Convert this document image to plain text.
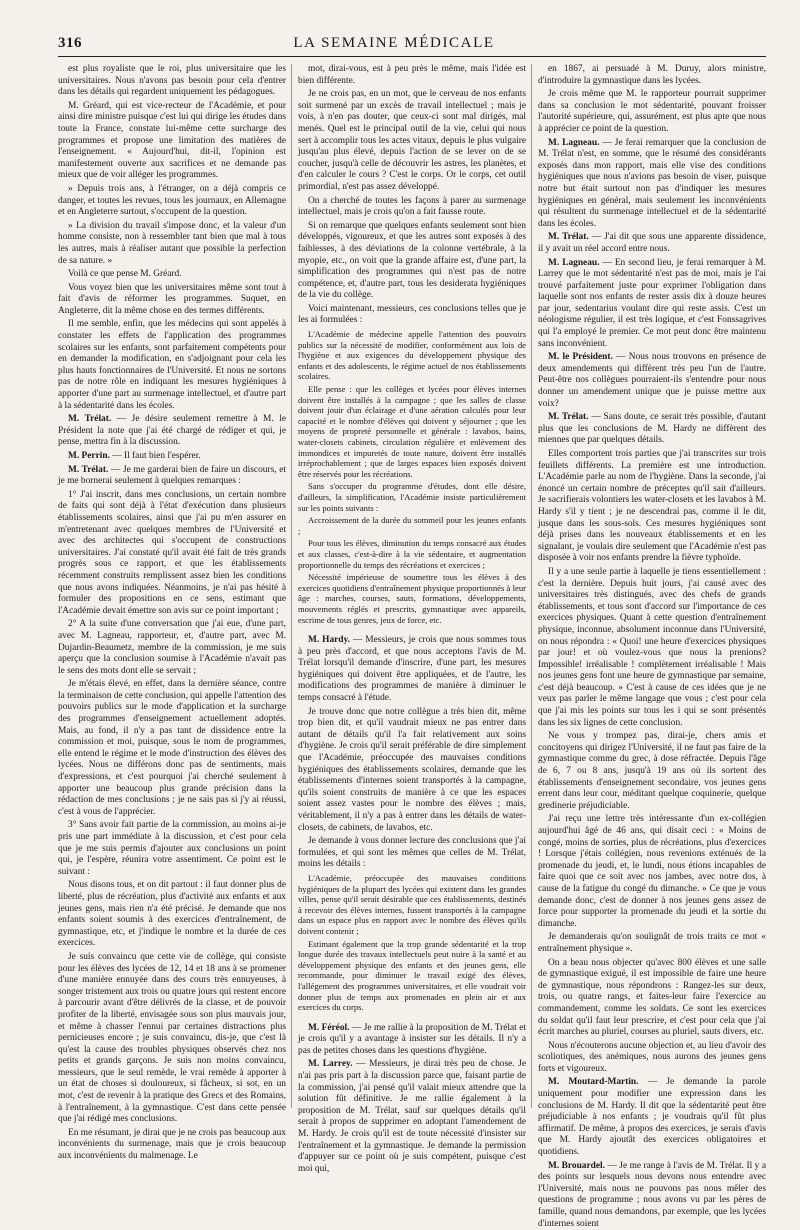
316	LA SEMAINE MÉDICALE

est plus royaliste que le roi, plus universitaire que les universitaires. Nous n'avons pas besoin pour cela d'entrer dans les détails qui regardent uniquement les pédagogues.

M. Gréard, qui est vice-recteur de l'Académie, et pour ainsi dire ministre puisque c'est lui qui dirige les études dans toute la France, constate lui-même cette surcharge des programmes et propose une limitation des matières de l'enseignement. « Aujourd'hui, dit-il, l'opinion est manifestement ouverte aux sacrifices et ne demande pas mieux que de voir alléger les programmes.

» Depuis trois ans, à l'étranger, on a déjà compris ce danger, et toutes les revues, tous les journaux, en Allemagne et en Angleterre surtout, s'occupent de la question.

» La division du travail s'impose donc, et la valeur d'un homme consiste, non à ressembler tant bien que mal à tous les autres, mais à réaliser autant que possible la perfection de sa nature. »

Voilà ce que pense M. Gréard.

Vous voyez bien que les universitaires même sont tout à fait d'avis de réformer les programmes. Suquet, en Angleterre, dit la même chose en des termes différents.

Il me semble, enfin, que les médecins qui sont appelés à constater les effets de l'application des programmes scolaires sur les enfants, sont parfaitement compétents pour en demander la modification, en s'adjoignant pour cela les plus hauts fonctionnaires de l'Université. Et nous ne sortons pas de notre rôle en indiquant les mesures hygiéniques à apporter d'une part au surmenage intellectuel, et d'autre part à la sédentarité dans les écoles.

M. Trélat. — Je désire seulement remettre à M. le Président la note que j'ai été chargé de rédiger et qui, je pense, mettra fin à la discussion.

M. Perrin. — Il faut bien l'espérer.

M. Trélat. — Je me garderai bien de faire un discours, et je me bornerai seulement à quelques remarques :

1° J'ai inscrit, dans mes conclusions, un certain nombre de faits qui sont déjà à l'état d'exécution dans plusieurs établissements scolaires, ainsi que j'ai pu m'en assurer en m'entretenant avec quelques membres de l'Université et avec des architectes qui s'occupent de constructions universitaires. J'ai constaté qu'il avait été fait de très grands progrès sous ce rapport, et que les établissements récemment construits remplissent assez bien les conditions que nous avons indiquées. Néanmoins, je n'ai pas hésité à formuler des propositions en ce sens, estimant que l'Académie devait émettre son avis sur ce point important ;

2° A la suite d'une conversation que j'ai eue, d'une part, avec M. Lagneau, rapporteur, et, d'autre part, avec M. Dujardin-Beaumetz, membre de la commission, je me suis aperçu que la conclusion soumise à l'Académie n'avait pas le sens des mots dont elle se servait ;

Je m'étais élevé, en effet, dans la dernière séance, contre la terminaison de cette conclusion, qui appelle l'attention des pouvoirs publics sur le mode d'application et la surcharge des programmes d'enseignement actuellement adoptés. Mais, au fond, il n'y a pas tant de dissidence entre la commission et moi, puisque, sous le nom de programmes, elle entend le régime et le mode d'instruction des élèves des lycées. Nous ne différons donc pas de sentiments, mais d'expressions, et c'est pourquoi j'ai cherché seulement à apporter une beaucoup plus grande précision dans la rédaction de mes conclusions ; je ne sais pas si j'y ai réussi, c'est à vous de l'apprécier.

3° Sans avoir fait partie de la commission, au moins ai-je pris une part immédiate à la discussion, et c'est pour cela que je me suis permis d'ajouter aux conclusions un point qui, je l'espère, réunira votre assentiment. Ce point est le suivant :

Nous disons tous, et on dit partout : il faut donner plus de liberté, plus de récréation, plus d'activité aux enfants et aux jeunes gens, mais rien n'a été précisé. Je demande que nos enfants soient soumis à des exercices d'entraînement, de gymnastique, etc, et j'indique le nombre et la durée de ces exercices.

Je suis convaincu que cette vie de collège, qui consiste pour les élèves des lycées de 12, 14 et 18 ans à se promener d'une manière ennuyée dans des cours très ennuyeuses, à songer tristement aux trois ou quatre jours qui restent encore à parcourir avant d'être délivrés de la classe, et de pouvoir profiter de la liberté, envisagée sous son plus mauvais jour, et même à chasser l'ennui par certaines distractions plus pernicieuses encore ; je suis convaincu, dis-je, que c'est là qu'est la cause des troubles physiques observés chez nos petits et grands garçons. Je suis non moins convaincu, messieurs, que le seul remède, le vrai remède à apporter à un état de choses si douloureux, si fâcheux, si sot, en un mot, c'est de revenir à la pratique des Grecs et des Romains, à l'entraînement, à la gymnastique. C'est dans cette pensée que j'ai rédigé mes conclusions.

En me résumant, je dirai que je ne crois pas beaucoup aux inconvénients du surmenage, mais que je crois beaucoup aux inconvénients du malmenage. Le

mot, dirai-vous, est à peu près le même, mais l'idée est bien différente.

Je ne crois pas, en un mot, que le cerveau de nos enfants soit surmené par un excès de travail intellectuel ; mais je vois, à n'en pas douter, que ceux-ci sont mal dirigés, mal menés. Quel est le principal outil de la vie, celui qui nous sert à accomplir tous les actes vitaux, depuis le plus vulgaire jusqu'au plus élevé, depuis l'action de se lever on de se coucher, jusqu'à celle de découvrir les astres, les planètes, et d'en calculer le cours ? C'est le corps. Or le corps, cet outil primordial, n'est pas assez développé.

On a cherché de toutes les façons à parer au surmenage intellectuel, mais je crois qu'on a fait fausse route.

Si on remarque que quelques enfants seulement sont bien développés, vigoureux, et que les autres sont exposés à des faiblesses, à des déviations de la colonne vertébrale, à la myopie, etc., on voit que la grande affaire est, d'une part, la simplification des programmes qui n'est pas de notre compétence, et, d'autre part, tous les desiderata hygiéniques de la vie du collège.

Voici maintenant, messieurs, ces conclusions telles que je les ai formulées :

L'Académie de médecine appelle l'attention des pouvoirs publics sur la nécessité de modifier, conformément aux lois de l'hygiène et aux exigences du développement physique des enfants et des adolescents, le régime actuel de nos établissements scolaires.

Elle pense : que les collèges et lycées pour élèves internes doivent être installés à la campagne ; que les salles de classe doivent jouir d'un éclairage et d'une aération calculés pour leur capacité et le nombre d'élèves qui doivent y séjourner ; que les moyens de propreté personnelle et générale : lavabos, bains, water-closets cabinets, circulation régulière et enlèvement des immondices et impuretés de toute nature, doivent être installés irréprochablement ; que de larges espaces bien exposés doivent être réservés pour les récréations.

Sans s'occuper du programme d'études, dont elle désire, d'ailleurs, la simplification, l'Académie insiste particulièrement sur les points suivants :

Accroissement de la durée du sommeil pour les jeunes enfants ;

Pour tous les élèves, diminution du temps consacré aux études et aux classes, c'est-à-dire à la vie sédentaire, et augmentation proportionnelle du temps des récréations et exercices ;

Nécessité impérieuse de soumettre tous les élèves à des exercices quotidiens d'entraînement physique proportionnés à leur âge : marches, courses, sauts, formations, développements, mouvements réglés et prescrits, gymnastique avec appareils, escrime de tous genres, jeux de force, etc.

M. Hardy. — Messieurs, je crois que nous sommes tous à peu près d'accord, et que nous acceptons l'avis de M. Trélat lorsqu'il demande d'inscrire, d'une part, les mesures hygiéniques qui doivent être appliquées, et de l'autre, les modifications des programmes de manière à diminuer le temps consacré à l'étude.

Je trouve donc que notre collègue a très bien dit, même trop bien dit, et qu'il vaudrait mieux ne pas entrer dans autant de détails qu'il l'a fait relativement aux soins d'hygiène. Je crois qu'il serait préférable de dire simplement que l'Académie, préoccupée des mauvaises conditions hygiéniques des établissements scolaires, demande que les établissements d'internes soient transportés à la campagne, qu'ils soient construits de manière à ce que les espaces soient assez vastes pour le nombre des élèves ; mais, véritablement, il n'y a pas à entrer dans les détails de water-closets, de cabinets, de lavabos, etc.

Je demande à vous donner lecture des conclusions que j'ai formulées, et qui sont les mêmes que celles de M. Trélat, moins les détails :

L'Académie, préoccupée des mauvaises conditions hygiéniques de la plupart des lycées qui existent dans les grandes villes, pense qu'il serait désirable que ces établissements, destinés à recevoir des élèves internes, fussent transportés à la campagne dans un espace plus en rapport avec le nombre des élèves qu'ils doivent contenir ;

Estimant également que la trop grande sédentarité et la trop longue durée des travaux intellectuels peut nuire à la santé et au développement physique des enfants et des jeunes gens, elle recommande, pour diminuer le travail exigé des élèves, l'allégement des programmes universitaires, et elle voudrait voir donner plus de temps aux promenades en plein air et aux exercices du corps.

M. Féréol. — Je me rallie à la proposition de M. Trélat et je crois qu'il y a avantage à insister sur les détails. Il n'y a pas de petites choses dans les questions d'hygiène.

M. Larrey. — Messieurs, je dirai très peu de chose. Je n'ai pas pris part à la discussion parce que, faisant partie de la commission, j'ai pensé qu'il valait mieux attendre que la solution fût définitive. Je me rallie également à la proposition de M. Trélat, sauf sur quelques détails qu'il serait à propos de supprimer en adoptant l'amendement de M. Hardy. Je crois qu'il est de toute nécessité d'insister sur l'entraînement et la gymnastique. Je demande la permission d'appuyer sur ce point où je suis compétent, puisque c'est moi qui,

en 1867, ai persuadé à M. Duruy, alors ministre, d'introduire la gymnastique dans les lycées.

Je crois même que M. le rapporteur pourrait supprimer dans sa conclusion le mot sédentarité, pouvant froisser l'autorité supérieure, qui, assurément, est plus apte que nous à apprécier ce point de la question.

M. Lagneau. — Je ferai remarquer que la conclusion de M. Trélat n'est, en somme, que le résumé des considérants exposés dans mon rapport, mais elle vise des conditions hygiéniques que nous n'avions pas besoin de viser, puisque notre but était surtout non pas d'indiquer les mesures hygiéniques en général, mais seulement les inconvénients qui résultent du surmenage intellectuel et de la sédentarité dans les écoles.

M. Trélat. — J'ai dit que sous une apparente dissidence, il y avait un réel accord entre nous.

M. Lagneau. — En second lieu, je ferai remarquer à M. Larrey que le mot sédentarité n'est pas de moi, mais je l'ai trouvé parfaitement juste pour exprimer l'obligation dans laquelle sont nos enfants de rester assis dix à douze heures par jour, sedentarius voulant dire qui reste assis. C'est un néologisme régulier, il est très logique, et c'est Fonssagrives qui l'a employé le premier. Ce mot peut donc être maintenu sans inconvénient.

M. le Président. — Nous nous trouvons en présence de deux amendements qui diffèrent très peu l'un de l'autre. Peut-être nos collègues pourraient-ils s'entendre pour nous donner un amendement unique que je puisse mettre aux voix?

M. Trélat. — Sans doute, ce serait très possible, d'autant plus que les conclusions de M. Hardy ne diffèrent des miennes que par quelques détails.

Elles comportent trois parties que j'ai transcrites sur trois feuillets différents. La première est une introduction. L'Académie parle au nom de l'hygiène. Dans la seconde, j'ai énoncé un certain nombre de préceptes qu'il sait d'ailleurs. Je sacrifierais volontiers les water-closets et les lavabos à M. Hardy s'il y tient ; je ne descendrai pas, comme il le dit, jusque dans les sous-sols. Ces mesures hygiéniques sont déjà prises dans les nouveaux établissements et en les signalant, je voulais dire seulement que l'Académie n'est pas disposée à voir nos enfants prendre la fièvre typhoïde.

Il y a une seule partie à laquelle je tiens essentiellement : c'est la dernière. Depuis huit jours, j'ai causé avec des universitaires très distingués, avec des chefs de grands établissements, et tous sont d'accord sur l'importance de ces exercices physiques. Quant à cette question d'entraînement physique, inconnue, absolument inconnue dans l'Université, on nous répondra : « Quoi! une heure d'exercices physiques par jour! et où voulez-vous que nous la prenions? Impossible! irréalisable ! complètement irréalisable ! Mais nos jeunes gens font une heure de gymnastique par semaine, c'est déjà beaucoup. » C'est à cause de ces idées que je ne veux pas parler le même langage que vous ; c'est pour cela que j'ai mis les points sur tous les i qui se sont présentés dans les six lignes de cette conclusion.

Ne vous y trompez pas, dirai-je, chers amis et concitoyens qui dirigez l'Université, il ne faut pas faire de la gymnastique comme du grec, à dose réfractée. Depuis l'âge de 6, 7 ou 8 ans, jusqu'à 19 ans où ils sortent des établissements d'enseignement secondaire, vos jeunes gens errent dans leur cour, méditant quelque coquinerie, quelque gredinerie préjudiciable.

J'ai reçu une lettre très intéressante d'un ex-collégien aujourd'hui âgé de 46 ans, qui disait ceci : « Moins de congé, moins de sorties, plus de récréations, plus d'exercices ! Lorsque j'étais collégien, nous revenions exténués de la promenade du jeudi, et, le lundi, nous étions incapables de faire quoi que ce soit avec nos jambes, avec notre dos, à cause de la fatigue du congé du dimanche. » Ce que je vous demande donc, c'est de donner à nos jeunes gens assez de force pour supporter la promenade du jeudi et la sortie du dimanche.

Je demanderais qu'on soulignât de trois traits ce mot « entraînement physique ».

On a beau nous objecter qu'avec 800 élèves et une salle de gymnastique exiguë, il est impossible de faire une heure de gymnastique, nous répondrons : Rangez-les sur deux, trois, ou quatre rangs, et faites-leur faire l'exercice au commandement, comme les soldats. Ce sont les exercices du soldat qu'il faut leur prescrire, et c'est pour cela que j'ai écrit marches au pluriel, courses au pluriel, sauts divers, etc.

Nous n'écouterons aucune objection et, au lieu d'avoir des scoliotiques, des anémiques, nous aurons des jeunes gens forts et vigoureux.

M. Moutard-Martin. — Je demande la parole uniquement pour modifier une expression dans les conclusions de M. Hardy. Il dit que la sédentarité peut être préjudiciable à nos enfants ; je voudrais qu'il fût plus affirmatif. De même, à propos des exercices, je serais d'avis que M. Hardy ajoutât des exercices obligatoires et quotidiens.

M. Brouardel. — Je me range à l'avis de M. Trélat. Il y a des points sur lesquels nous devons nous entendre avec l'Université, mais nous ne pouvons pas nous mêler des questions de programme ; nous avons vu par les pères de famille, quand nous demandons, par exemple, que les lycées d'internes soient
